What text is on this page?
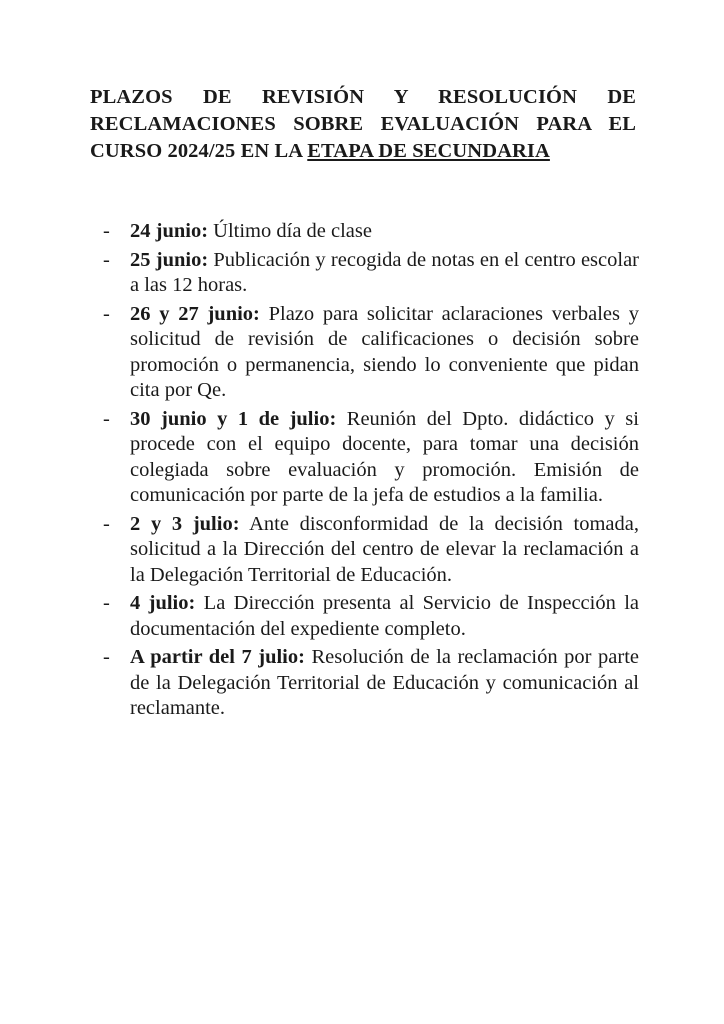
PLAZOS DE REVISIÓN Y RESOLUCIÓN DE RECLAMACIONES SOBRE EVALUACIÓN PARA EL CURSO 2024/25 EN LA ETAPA DE SECUNDARIA
- 24 junio: Último día de clase
- 25 junio: Publicación y recogida de notas en el centro escolar a las 12 horas.
- 26 y 27 junio: Plazo para solicitar aclaraciones verbales y solicitud de revisión de calificaciones o decisión sobre promoción o permanencia, siendo lo conveniente que pidan cita por Qe.
- 30 junio y 1 de julio: Reunión del Dpto. didáctico y si procede con el equipo docente, para tomar una decisión colegiada sobre evaluación y promoción. Emisión de comunicación por parte de la jefa de estudios a la familia.
- 2 y 3 julio: Ante disconformidad de la decisión tomada, solicitud a la Dirección del centro de elevar la reclamación a la Delegación Territorial de Educación.
- 4 julio: La Dirección presenta al Servicio de Inspección la documentación del expediente completo.
- A partir del 7 julio: Resolución de la reclamación por parte de la Delegación Territorial de Educación y comunicación al reclamante.
